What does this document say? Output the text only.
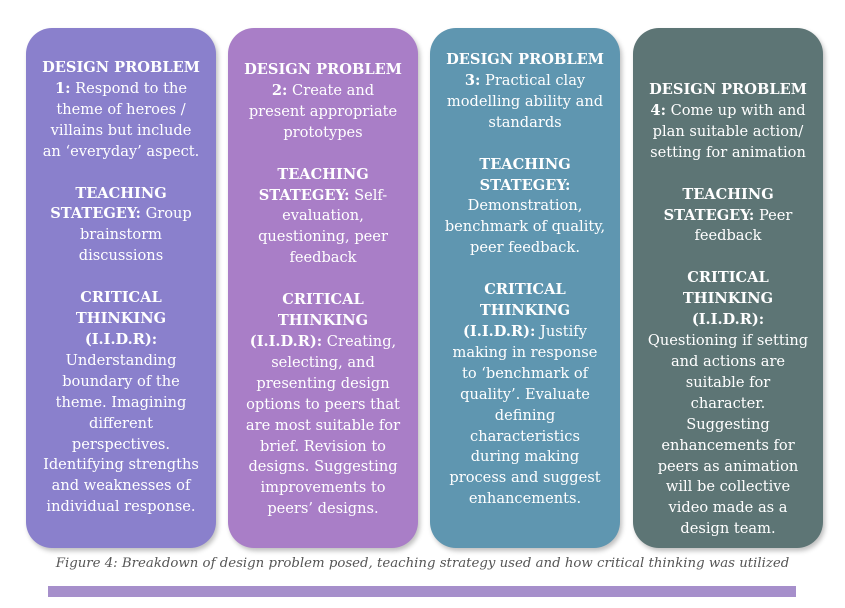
DESIGN PROBLEM 1: Respond to the theme of heroes / villains but include an ‘everyday’ aspect.
TEACHING STATEGEY: Group brainstorm discussions
CRITICAL THINKING (I.I.D.R): Understanding boundary of the theme. Imagining different perspectives. Identifying strengths and weaknesses of individual response.
DESIGN PROBLEM 2: Create and present appropriate prototypes
TEACHING STATEGEY: Self-evaluation, questioning, peer feedback
CRITICAL THINKING (I.I.D.R): Creating, selecting, and presenting design options to peers that are most suitable for brief. Revision to designs. Suggesting improvements to peers’ designs.
DESIGN PROBLEM 3: Practical clay modelling ability and standards
TEACHING STATEGEY: Demonstration, benchmark of quality, peer feedback.
CRITICAL THINKING (I.I.D.R): Justify making in response to ‘benchmark of quality’. Evaluate defining characteristics during making process and suggest enhancements.
DESIGN PROBLEM 4: Come up with and plan suitable action/ setting for animation
TEACHING STATEGEY: Peer feedback
CRITICAL THINKING (I.I.D.R): Questioning if setting and actions are suitable for character. Suggesting enhancements for peers as animation will be collective video made as a design team.
Figure 4: Breakdown of design problem posed, teaching strategy used and how critical thinking was utilized
